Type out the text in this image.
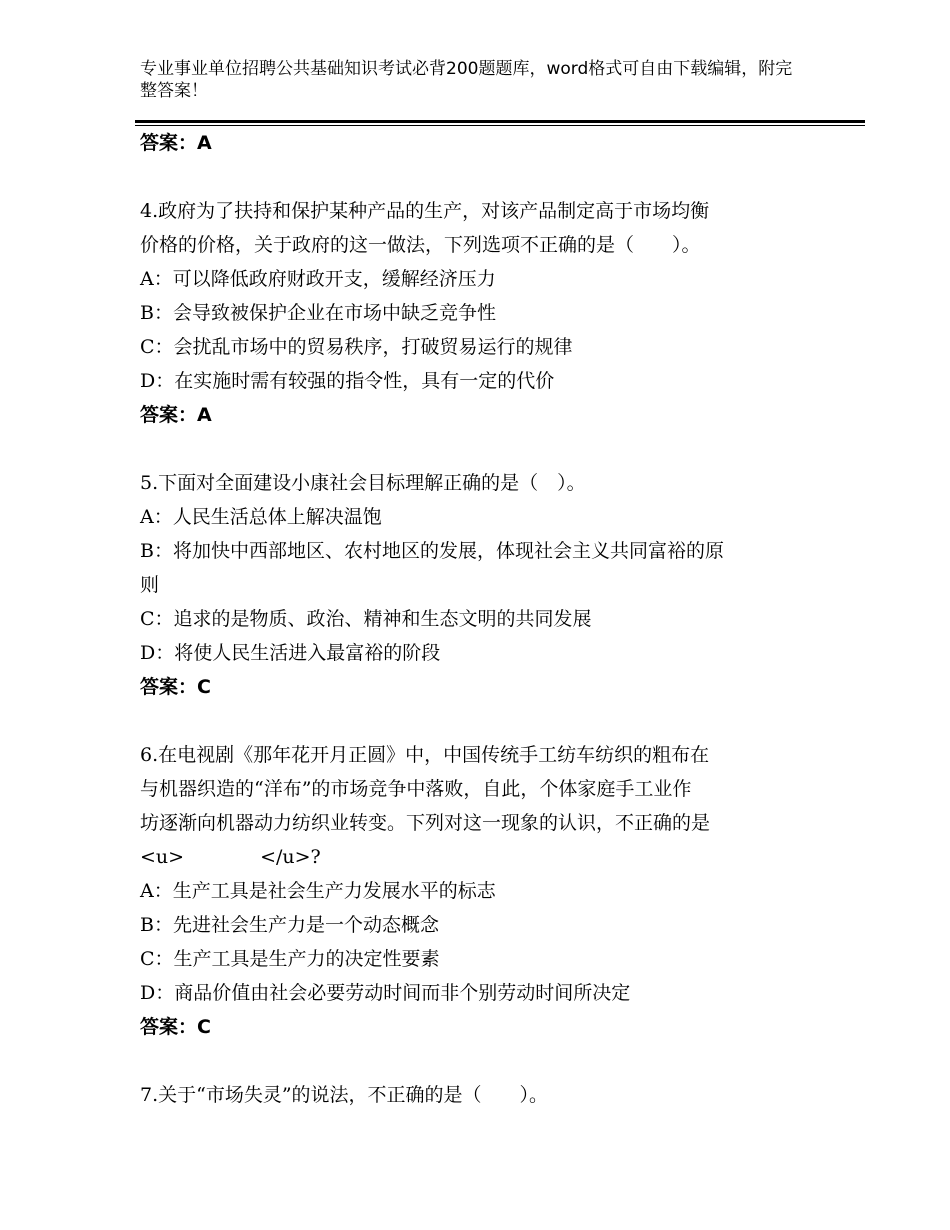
专业事业单位招聘公共基础知识考试必背200题题库，word格式可自由下载编辑，附完整答案！
答案：A
4.政府为了扶持和保护某种产品的生产，对该产品制定高于市场均衡
价格的价格，关于政府的这一做法，下列选项不正确的是（　　）。
A：可以降低政府财政开支，缓解经济压力
B：会导致被保护企业在市场中缺乏竞争性
C：会扰乱市场中的贸易秩序，打破贸易运行的规律
D：在实施时需有较强的指令性，具有一定的代价
答案：A
5.下面对全面建设小康社会目标理解正确的是（　）。
A：人民生活总体上解决温饱
B：将加快中西部地区、农村地区的发展，体现社会主义共同富裕的原
则
C：追求的是物质、政治、精神和生态文明的共同发展
D：将使人民生活进入最富裕的阶段
答案：C
6.在电视剧《那年花开月正圆》中，中国传统手工纺车纺织的粗布在
与机器织造的“洋布”的市场竞争中落败，自此，个体家庭手工业作
坊逐渐向机器动力纺织业转变。下列对这一现象的认识，不正确的是
<u>　　　　</u>?
A：生产工具是社会生产力发展水平的标志
B：先进社会生产力是一个动态概念
C：生产工具是生产力的决定性要素
D：商品价值由社会必要劳动时间而非个别劳动时间所决定
答案：C
7.关于“市场失灵”的说法，不正确的是（　　）。
